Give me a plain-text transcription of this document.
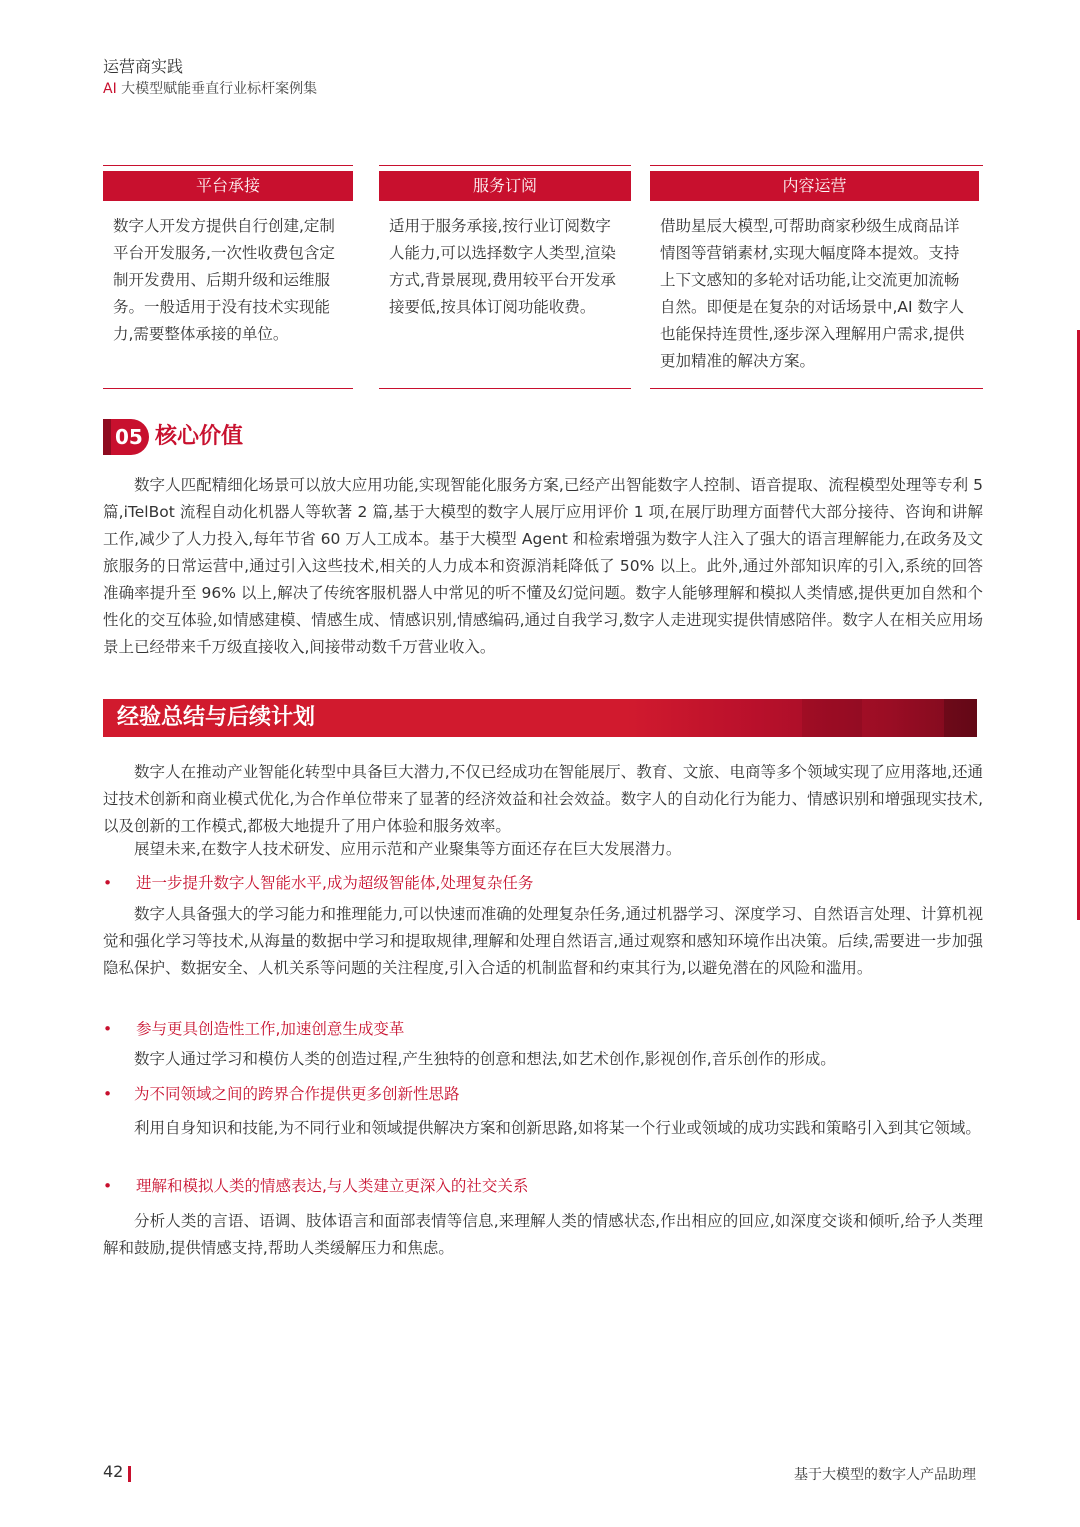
运营商实践
AI 大模型赋能垂直行业标杆案例集
平台承接
数字人开发方提供自行创建,定制平台开发服务,一次性收费包含定制开发费用、后期升级和运维服务。一般适用于没有技术实现能力,需要整体承接的单位。
服务订阅
适用于服务承接,按行业订阅数字人能力,可以选择数字人类型,渲染方式,背景展现,费用较平台开发承接要低,按具体订阅功能收费。
内容运营
借助星辰大模型,可帮助商家秒级生成商品详情图等营销素材,实现大幅度降本提效。支持上下文感知的多轮对话功能,让交流更加流畅自然。即便是在复杂的对话场景中,AI 数字人也能保持连贯性,逐步深入理解用户需求,提供更加精准的解决方案。
05 核心价值
数字人匹配精细化场景可以放大应用功能,实现智能化服务方案,已经产出智能数字人控制、语音提取、流程模型处理等专利 5 篇,iTelBot 流程自动化机器人等软著 2 篇,基于大模型的数字人展厅应用评价 1 项,在展厅助理方面替代大部分接待、咨询和讲解工作,减少了人力投入,每年节省 60 万人工成本。基于大模型 Agent 和检索增强为数字人注入了强大的语言理解能力,在政务及文旅服务的日常运营中,通过引入这些技术,相关的人力成本和资源消耗降低了 50% 以上。此外,通过外部知识库的引入,系统的回答准确率提升至 96% 以上,解决了传统客服机器人中常见的听不懂及幻觉问题。数字人能够理解和模拟人类情感,提供更加自然和个性化的交互体验,如情感建模、情感生成、情感识别,情感编码,通过自我学习,数字人走进现实提供情感陪伴。数字人在相关应用场景上已经带来千万级直接收入,间接带动数千万营业收入。
经验总结与后续计划
数字人在推动产业智能化转型中具备巨大潜力,不仅已经成功在智能展厅、教育、文旅、电商等多个领域实现了应用落地,还通过技术创新和商业模式优化,为合作单位带来了显著的经济效益和社会效益。数字人的自动化行为能力、情感识别和增强现实技术,以及创新的工作模式,都极大地提升了用户体验和服务效率。
展望未来,在数字人技术研发、应用示范和产业聚集等方面还存在巨大发展潜力。
• 进一步提升数字人智能水平,成为超级智能体,处理复杂任务
数字人具备强大的学习能力和推理能力,可以快速而准确的处理复杂任务,通过机器学习、深度学习、自然语言处理、计算机视觉和强化学习等技术,从海量的数据中学习和提取规律,理解和处理自然语言,通过观察和感知环境作出决策。后续,需要进一步加强隐私保护、数据安全、人机关系等问题的关注程度,引入合适的机制监督和约束其行为,以避免潜在的风险和滥用。
• 参与更具创造性工作,加速创意生成变革
数字人通过学习和模仿人类的创造过程,产生独特的创意和想法,如艺术创作,影视创作,音乐创作的形成。
• 为不同领域之间的跨界合作提供更多创新性思路
利用自身知识和技能,为不同行业和领域提供解决方案和创新思路,如将某一个行业或领域的成功实践和策略引入到其它领域。
• 理解和模拟人类的情感表达,与人类建立更深入的社交关系
分析人类的言语、语调、肢体语言和面部表情等信息,来理解人类的情感状态,作出相应的回应,如深度交谈和倾听,给予人类理解和鼓励,提供情感支持,帮助人类缓解压力和焦虑。
42	基于大模型的数字人产品助理
